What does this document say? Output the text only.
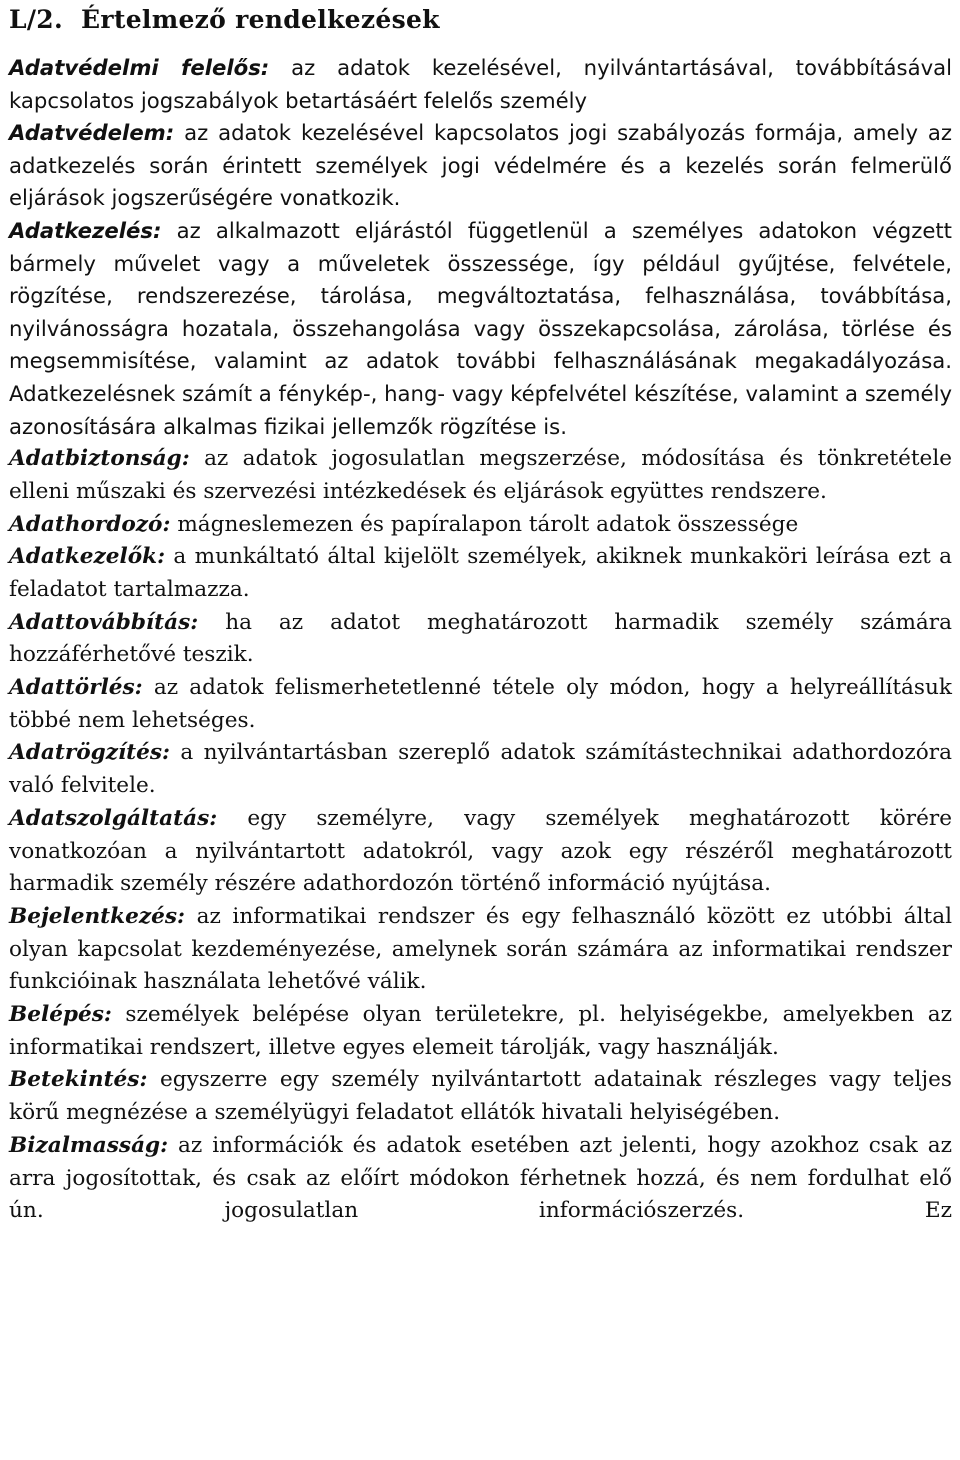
L/2. Értelmező rendelkezések

Adatvédelmi felelős: az adatok kezelésével, nyilvántartásával, továbbításával kapcsolatos jogszabályok betartásáért felelős személy

Adatvédelem: az adatok kezelésével kapcsolatos jogi szabályozás formája, amely az adatkezelés során érintett személyek jogi védelmére és a kezelés során felmerülő eljárások jogszerűségére vonatkozik.

Adatkezelés: az alkalmazott eljárástól függetlenül a személyes adatokon végzett bármely művelet vagy a műveletek összessége, így például gyűjtése, felvétele, rögzítése, rendszerezése, tárolása, megváltoztatása, felhasználása, továbbítása, nyilvánosságra hozatala, összehangolása vagy összekapcsolása, zárolása, törlése és megsemmisítése, valamint az adatok további felhasználásának megakadályozása. Adatkezelésnek számít a fénykép-, hang- vagy képfelvétel készítése, valamint a személy azonosítására alkalmas fizikai jellemzők rögzítése is.

Adatbiztonság: az adatok jogosulatlan megszerzése, módosítása és tönkretétele elleni műszaki és szervezési intézkedések és eljárások együttes rendszere.

Adathordozó: mágneslemezen és papíralapon tárolt adatok összessége

Adatkezelők: a munkáltató által kijelölt személyek, akiknek munkaköri leírása ezt a feladatot tartalmazza.

Adattovábbítás: ha az adatot meghatározott harmadik személy számára hozzáférhetővé teszik.

Adattörlés: az adatok felismerhetetlenné tétele oly módon, hogy a helyreállításuk többé nem lehetséges.

Adatrögzítés: a nyilvántartásban szereplő adatok számítástechnikai adathordozóra való felvitele.

Adatszolgáltatás: egy személyre, vagy személyek meghatározott körére vonatkozóan a nyilvántartott adatokról, vagy azok egy részéről meghatározott harmadik személy részére adathordozón történő információ nyújtása.

Bejelentkezés: az informatikai rendszer és egy felhasználó között ez utóbbi által olyan kapcsolat kezdeményezése, amelynek során számára az informatikai rendszer funkcióinak használata lehetővé válik.

Belépés: személyek belépése olyan területekre, pl. helyiségekbe, amelyekben az informatikai rendszert, illetve egyes elemeit tárolják, vagy használják.

Betekintés: egyszerre egy személy nyilvántartott adatainak részleges vagy teljes körű megnézése a személyügyi feladatot ellátók hivatali helyiségében.

Bizalmasság: az információk és adatok esetében azt jelenti, hogy azokhoz csak az arra jogosítottak, és csak az előírt módokon férhetnek hozzá, és nem fordulhat elő ún. jogosulatlan információszerzés. Ez
